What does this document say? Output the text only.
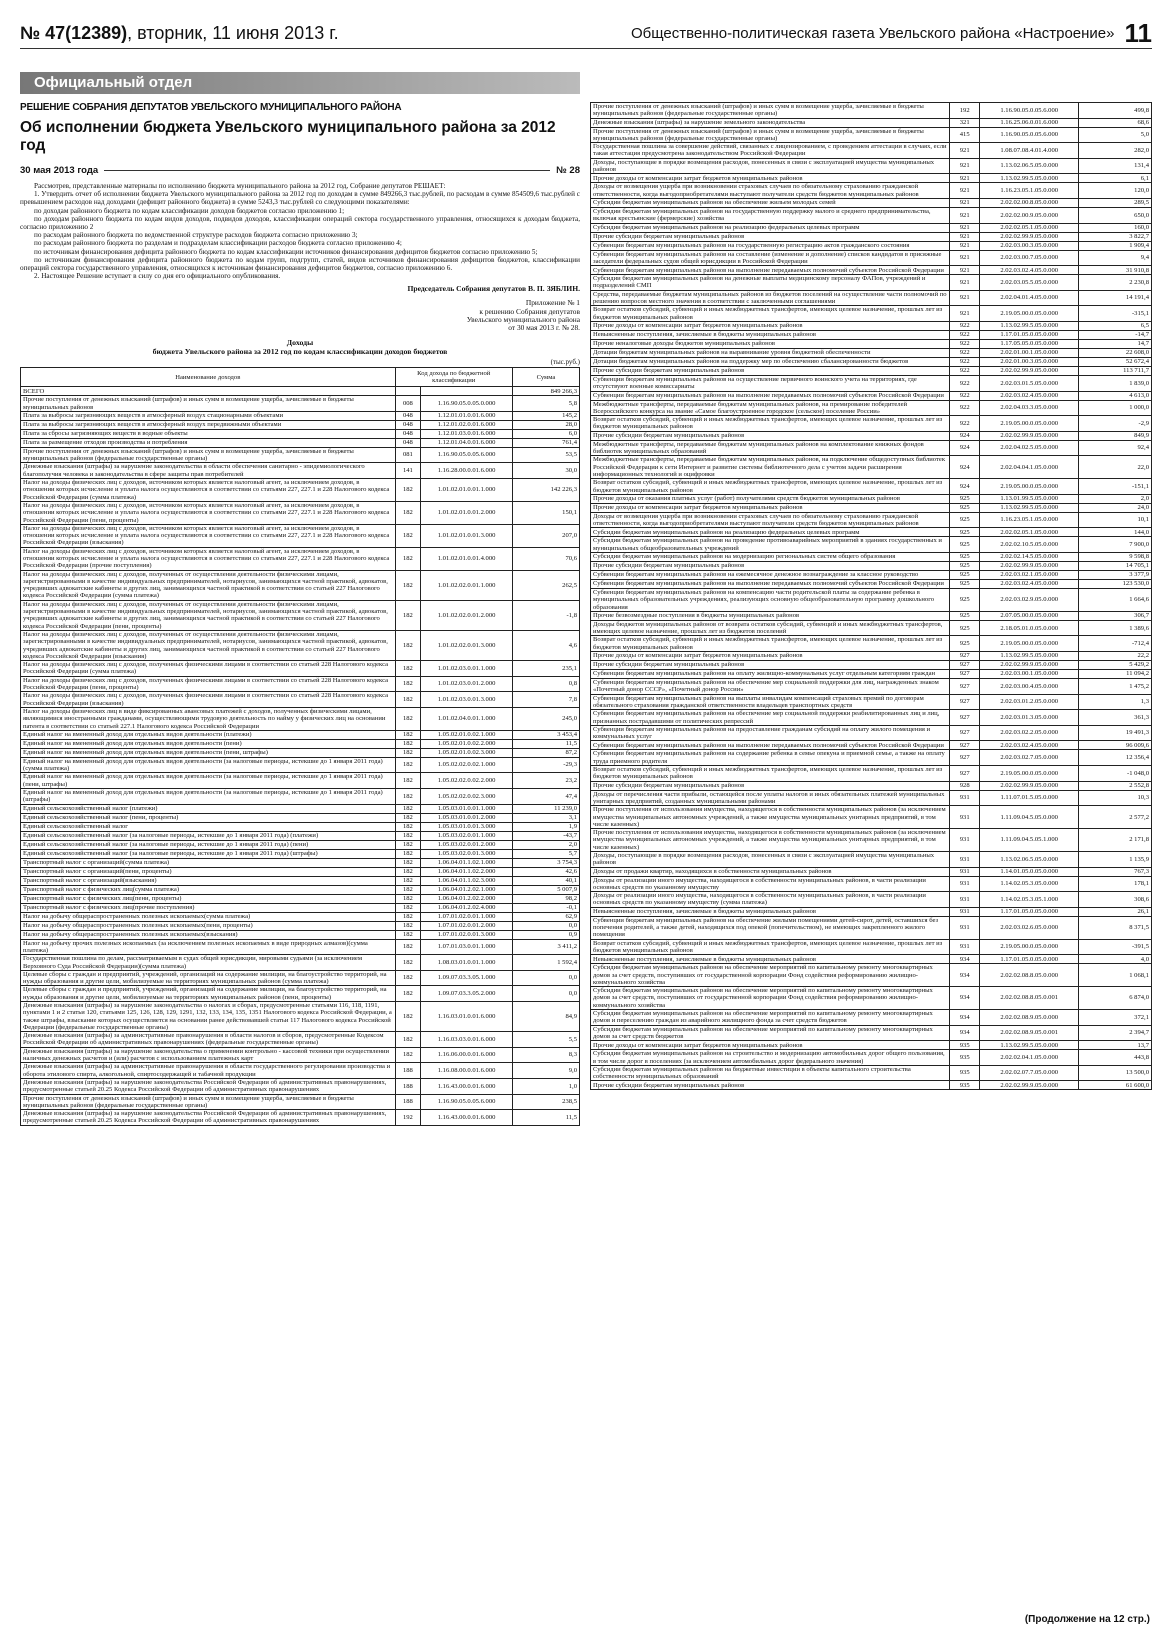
№ 47(12389), вторник, 11 июня 2013 г.	Общественно-политическая газета Увельского района «Настроение» 11
Официальный отдел
РЕШЕНИЕ СОБРАНИЯ ДЕПУТАТОВ УВЕЛЬСКОГО МУНИЦИПАЛЬНОГО РАЙОНА
Об исполнении бюджета Увельского муниципального района за 2012 год
30 мая 2013 года	№ 28

Рассмотрев, представленные материалы по исполнению бюджета муниципального района за 2012 год, Собрание депутатов РЕШАЕТ:

1. Утвердить отчет об исполнении бюджета Увельского муниципального района за 2012 год по доходам в сумме 849266,3 тыс.рублей, по расходам в сумме 854509,6 тыс.рублей с превышением расходов над доходами (дефицит районного бюджета) в сумме 5243,3 тыс.рублей со следующими показателями:

по доходам районного бюджета по кодам классификации доходов бюджетов согласно приложению 1;

по доходам районного бюджета по кодам видов доходов, подвидов доходов, классификации операций сектора государственного управления, относящихся к доходам бюджета, согласно приложению 2

по расходам районного бюджета по ведомственной структуре расходов бюджета согласно приложению 3;

по расходам районного бюджета по разделам и подразделам классификации расходов бюджета согласно приложению 4;

по источникам финансирования дефицита районного бюджета по кодам классификации источников финансирования дефицитов бюджетов согласно приложению 5;

по источникам финансирования дефицита районного бюджета по кодам групп, подгрупп, статей, видов источников финансирования дефицитов бюджетов, классификации операций сектора государственного управления, относящихся к источникам финансирования дефицитов бюджетов, согласно приложению 6.

2. Настоящее Решение вступает в силу со дня его официального опубликования.

Председатель Собрания депутатов В. П. ЗЯБЛИН.
Приложение № 1
к решению Собрания депутатов
Увельского муниципального района
от 30 мая 2013 г. № 28.
Доходы
бюджета Увельского района за 2012 год по кодам классификации доходов бюджетов
(тыс.руб.)
Наименование доходов	Код дохода по бюджетной классификации		Сумма
ВСЕГО			849 266,3
Прочие поступления от денежных взысканий (штрафов) и иных сумм в возмещение ущерба, зачисляемые в бюджеты муниципальных районов	008	1.16.90.05.0.05.0.000	5,8
Плата за выбросы загрязняющих веществ в атмосферный воздух стационарными объектами	048	1.12.01.01.0.01.6.000	145,2
Плата за выбросы загрязняющих веществ в атмосферный воздух передвижными объектами	048	1.12.01.02.0.01.6.000	28,0
Плата за сбросы загрязняющих веществ в водные объекты	048	1.12.01.03.0.01.6.000	6,0
Плата за размещение отходов производства и потребления	048	1.12.01.04.0.01.6.000	761,4
Прочие поступления от денежных взысканий (штрафов) и иных сумм в возмещение ущерба, зачисляемые в бюджеты муниципальных районов (федеральные государственные органы)	081	1.16.90.05.0.05.6.000	53,5
Денежные взыскания (штрафы) за нарушение законодательства в области обеспечения санитарно - эпидемиологического благополучия человека и законодательства в сфере защиты прав потребителей	141	1.16.28.00.0.01.6.000	30,0
Налог на доходы физических лиц с доходов, источником которых является налоговый агент, за исключением доходов, в отношении которых исчисление и уплата налога осуществляются в соответствии со статьями 227, 227.1 и 228 Налогового кодекса Российской Федерации (сумма платежа)	182	1.01.02.01.0.01.1.000	142 226,3
Налог на доходы физических лиц с доходов, источником которых является налоговый агент, за исключением доходов, в отношении которых исчисление и уплата налога осуществляются в соответствии со статьями 227, 227.1 и 228 Налогового кодекса Российской Федерации (пени, проценты)	182	1.01.02.01.0.01.2.000	150,1
Налог на доходы физических лиц с доходов, источником которых является налоговый агент, за исключением доходов, в отношении которых исчисление и уплата налога осуществляются в соответствии со статьями 227, 227.1 и 228 Налогового кодекса Российской Федерации (взыскания)	182	1.01.02.01.0.01.3.000	207,0
Налог на доходы физических лиц с доходов, источником которых является налоговый агент, за исключением доходов, в отношении которых исчисление и уплата налога осуществляются в соответствии со статьями 227, 227.1 и 228 Налогового кодекса Российской Федерации (прочие поступления)	182	1.01.02.01.0.01.4.000	70,6
Налог на доходы физических лиц с доходов, полученных от осуществления деятельности физическими лицами, зарегистрированными в качестве индивидуальных предпринимателей, нотариусов, занимающихся частной практикой, адвокатов, учредивших адвокатские кабинеты и других лиц, занимающихся частной практикой в соответствии со статьей 227 Налогового кодекса Российской Федерации (сумма платежа)	182	1.01.02.02.0.01.1.000	262,5
Налог на доходы физических лиц с доходов, полученных от осуществления деятельности физическими лицами, зарегистрированными в качестве индивидуальных предпринимателей, нотариусов, занимающихся частной практикой, адвокатов, учредивших адвокатские кабинеты и других лиц, занимающихся частной практикой в соответствии со статьей 227 Налогового кодекса Российской Федерации (пени, проценты)	182	1.01.02.02.0.01.2.000	-1,8
Налог на доходы физических лиц с доходов, полученных от осуществления деятельности физическими лицами, зарегистрированными в качестве индивидуальных предпринимателей, нотариусов, занимающихся частной практикой, адвокатов, учредивших адвокатские кабинеты и других лиц, занимающихся частной практикой в соответствии со статьей 227 Налогового кодекса Российской Федерации (взыскания)	182	1.01.02.02.0.01.3.000	4,6
Налог на доходы физических лиц с доходов, полученных физическими лицами в соответствии со статьей 228 Налогового кодекса Российской Федерации (сумма платежа)	182	1.01.02.03.0.01.1.000	235,1
Налог на доходы физических лиц с доходов, полученных физическими лицами в соответствии со статьей 228 Налогового кодекса Российской Федерации (пени, проценты)	182	1.01.02.03.0.01.2.000	0,8
Налог на доходы физических лиц с доходов, полученных физическими лицами в соответствии со статьей 228 Налогового кодекса Российской Федерации (взыскания)	182	1.01.02.03.0.01.3.000	7,8
Налог на доходы физических лиц в виде фиксированных авансовых платежей с доходов, полученных физическими лицами, являющимися иностранными гражданами, осуществляющими трудовую деятельность по найму у физических лиц на основании патента в соответствии со статьей 227.1 Налогового кодекса Российской Федерации	182	1.01.02.04.0.01.1.000	245,0
Единый налог на вмененный доход для отдельных видов деятельности (платежи)	182	1.05.02.01.0.02.1.000	3 453,4
Единый налог на вмененный доход для отдельных видов деятельности (пени)	182	1.05.02.01.0.02.2.000	11,5
Единый налог на вмененный доход для отдельных видов деятельности (пени, штрафы)	182	1.05.02.01.0.02.3.000	87,2
Единый налог на вмененный доход для отдельных видов деятельности (за налоговые периоды, истекшие до 1 января 2011 года) (сумма платежа)	182	1.05.02.02.0.02.1.000	-29,3
Единый налог на вмененный доход для отдельных видов деятельности (за налоговые периоды, истекшие до 1 января 2011 года) (пени, штрафы)	182	1.05.02.02.0.02.2.000	23,2
Единый налог на вмененный доход для отдельных видов деятельности (за налоговые периоды, истекшие до 1 января 2011 года) (штрафы)	182	1.05.02.02.0.02.3.000	47,4
Единый сельскохозяйственный налог (платежи)	182	1.05.03.01.0.01.1.000	11 239,0
Единый сельскохозяйственный налог (пени, проценты)	182	1.05.03.01.0.01.2.000	3,1
Единый сельскохозяйственный налог	182	1.05.03.01.0.01.3.000	1,9
Единый сельскохозяйственный налог (за налоговые периоды, истекшие до 1 января 2011 года) (платежи)	182	1.05.03.02.0.01.1.000	-43,7
Единый сельскохозяйственный налог (за налоговые периоды, истекшие до 1 января 2011 года) (пени)	182	1.05.03.02.0.01.2.000	2,0
Единый сельскохозяйственный налог (за налоговые периоды, истекшие до 1 января 2011 года) (штрафы)	182	1.05.03.02.0.01.3.000	5,7
Транспортный налог с организаций(сумма платежа)	182	1.06.04.01.1.02.1.000	3 754,3
Транспортный налог с организаций(пени, проценты)	182	1.06.04.01.1.02.2.000	42,6
Транспортный налог с организаций(взыскания)	182	1.06.04.01.1.02.3.000	40,1
Транспортный налог с физических лиц(сумма платежа)	182	1.06.04.01.2.02.1.000	5 007,9
Транспортный налог с физических лиц(пени, проценты)	182	1.06.04.01.2.02.2.000	98,2
Транспортный налог с физических лиц(прочие поступления)	182	1.06.04.01.2.02.4.000	-0,1
Налог на добычу общераспространенных полезных ископаемых(сумма платежа)	182	1.07.01.02.0.01.1.000	62,9
Налог на добычу общераспространенных полезных ископаемых(пени, проценты)	182	1.07.01.02.0.01.2.000	0,0
Налог на добычу общераспространенных полезных ископаемых(взыскания)	182	1.07.01.02.0.01.3.000	0,9
Налог на добычу прочих полезных ископаемых (за исключением полезных ископаемых в виде природных алмазов)(сумма платежа)	182	1.07.01.03.0.01.1.000	3 411,2
Государственная пошлина по делам, рассматриваемым в судах общей юрисдикции, мировыми судьями (за исключением Верховного Суда Российской Федерации)(сумма платежа)	182	1.08.03.01.0.01.1.000	1 592,4
Целевые сборы с граждан и предприятий, учреждений, организаций на содержание милиции, на благоустройство территорий, на нужды образования и другие цели, мобилизуемые на территориях муниципальных районов (сумма платежа)	182	1.09.07.03.3.05.1.000	0,0
Целевые сборы с граждан и предприятий, учреждений, организаций на содержание милиции, на благоустройство территорий, на нужды образования и другие цели, мобилизуемые на территориях муниципальных районов (пени, проценты)	182	1.09.07.03.3.05.2.000	0,0
Денежные взыскания (штрафы) за нарушение законодательства о налогах и сборах, предусмотренные статьями 116, 118, 1191, пунктами 1 и 2 статьи 120, статьями 125, 126, 128, 129, 1291, 132, 133, 134, 135, 1351 Налогового кодекса Российской Федерации, а также штрафы, взыскание которых осуществляется на основании ранее действовавшей статьи 117 Налогового кодекса Российской Федерации (федеральные государственные органы)	182	1.16.03.01.0.01.6.000	84,9
Денежные взыскания (штрафы) за административные правонарушения в области налогов и сборов, предусмотренные Кодексом Российской Федерации об административных правонарушениях (федеральные государственные органы)	182	1.16.03.03.0.01.6.000	5,5
Денежные взыскания (штрафы) за нарушение законодательства о применении контрольно - кассовой техники при осуществлении наличных денежных расчетов и (или) расчетов с использованием платежных карт	182	1.16.06.00.0.01.6.000	8,3
Денежные взыскания (штрафы) за административные правонарушения в области государственного регулирования производства и оборота этилового спирта, алкогольной, спиртосодержащей и табачной продукции	188	1.16.08.00.0.01.6.000	9,0
Денежные взыскания (штрафы) за нарушение законодательства Российской Федерации об административных правонарушениях, предусмотренные статьей 20.25 Кодекса Российской Федерации об административных правонарушениях	188	1.16.43.00.0.01.6.000	1,0
Прочие поступления от денежных взысканий (штрафов) и иных сумм в возмещение ущерба, зачисляемые в бюджеты муниципальных районов (федеральные государственные органы)	188	1.16.90.05.0.05.6.000	238,5
Денежные взыскания (штрафы) за нарушение законодательства Российской Федерации об административных правонарушениях, предусмотренные статьей 20.25 Кодекса Российской Федерации об административных правонарушениях	192	1.16.43.00.0.01.6.000	11,5
Прочие поступления от денежных взысканий (штрафов) и иных сумм в возмещение ущерба, зачисляемые в бюджеты муниципальных районов (федеральные государственные органы)	192	1.16.90.05.0.05.6.000	499,8
Денежные взыскания (штрафы) за нарушение земельного законодательства	321	1.16.25.06.0.01.6.000	68,6
Прочие поступления от денежных взысканий (штрафов) и иных сумм в возмещение ущерба, зачисляемые в бюджеты муниципальных районов (федеральные государственные органы)	415	1.16.90.05.0.05.6.000	5,0
Государственная пошлина за совершение действий, связанных с лицензированием, с проведением аттестации в случаях, если такая аттестация предусмотрена законодательством Российской Федерации	921	1.08.07.08.4.01.4.000	282,0
Доходы, поступающие в порядке возмещения расходов, понесенных в связи с эксплуатацией имущества муниципальных районов	921	1.13.02.06.5.05.0.000	131,4
Прочие доходы от компенсации затрат бюджетов муниципальных районов	921	1.13.02.99.5.05.0.000	6,1
Доходы от возмещения ущерба при возникновении страховых случаев по обязательному страхованию гражданской ответственности, когда выгодоприобретателями выступают получатели средств бюджетов муниципальных районов	921	1.16.23.05.1.05.0.000	120,0
Субсидии бюджетам муниципальных районов на обеспечение жильем молодых семей	921	2.02.02.00.8.05.0.000	289,5
Субсидии бюджетам муниципальных районов на государственную поддержку малого и среднего предпринимательства, включая крестьянские (фермерские) хозяйства	921	2.02.02.00.9.05.0.000	650,0
Субсидии бюджетам муниципальных районов на реализацию федеральных целевых программ	921	2.02.02.05.1.05.0.000	160,0
Прочие субсидии бюджетам муниципальных районов	921	2.02.02.99.9.05.0.000	3 822,7
Субвенции бюджетам муниципальных районов на государственную регистрацию актов гражданского состояния	921	2.02.03.00.3.05.0.000	1 909,4
Субвенции бюджетам муниципальных районов на составление (изменение и дополнение) списков кандидатов в присяжные заседатели федеральных судов общей юрисдикции в Российской Федерации	921	2.02.03.00.7.05.0.000	9,4
Субвенции бюджетам муниципальных районов на выполнение передаваемых полномочий субъектов Российской Федерации	921	2.02.03.02.4.05.0.000	31 910,8
Субсидии бюджетам муниципальных районов на денежные выплаты медицинскому персоналу ФАПов, учреждений и подразделений СМП	921	2.02.03.05.5.05.0.000	2 230,8
Средства, передаваемые бюджетам муниципальных районов из бюджетов поселений на осуществление части полномочий по решению вопросов местного значения в соответствии с заключенными соглашениями	921	2.02.04.01.4.05.0.000	14 191,4
Возврат остатков субсидий, субвенций и иных межбюджетных трансфертов, имеющих целевое назначение, прошлых лет из бюджетов муниципальных районов	921	2.19.05.00.0.05.0.000	-315,1
Прочие доходы от компенсации затрат бюджетов муниципальных районов	922	1.13.02.99.5.05.0.000	6,5
Невыясненные поступления, зачисляемые в бюджеты муниципальных районов	922	1.17.01.05.0.05.0.000	-14,7
Прочие неналоговые доходы бюджетов муниципальных районов	922	1.17.05.05.0.05.0.000	14,7
Дотации бюджетам муниципальных районов на выравнивание уровня бюджетной обеспеченности	922	2.02.01.00.1.05.0.000	22 608,0
Дотации бюджетам муниципальных районов на поддержку мер по обеспечению сбалансированности бюджетов	922	2.02.01.00.3.05.0.000	52 672,4
Прочие субсидии бюджетам муниципальных районов	922	2.02.02.99.9.05.0.000	113 711,7
Субвенции бюджетам муниципальных районов на осуществление первичного воинского учета на территориях, где отсутствуют военные комиссариаты	922	2.02.03.01.5.05.0.000	1 839,0
Субвенции бюджетам муниципальных районов на выполнение передаваемых полномочий субъектов Российской Федерации	922	2.02.03.02.4.05.0.000	4 613,0
Межбюджетные трансферты, передаваемые бюджетам муниципальных районов, на премирование победителей Всероссийского конкурса на звание «Самое благоустроенное городское (сельское) поселение России»	922	2.02.04.03.3.05.0.000	1 000,0
Возврат остатков субсидий, субвенций и иных межбюджетных трансфертов, имеющих целевое назначение, прошлых лет из бюджетов муниципальных районов	922	2.19.05.00.0.05.0.000	-2,9
Прочие субсидии бюджетам муниципальных районов	924	2.02.02.99.9.05.0.000	849,9
Межбюджетные трансферты, передаваемые бюджетам муниципальных районов на комплектование книжных фондов библиотек муниципальных образований	924	2.02.04.02.5.05.0.000	92,4
Межбюджетные трансферты, передаваемые бюджетам муниципальных районов, на подключение общедоступных библиотек Российской Федерации к сети Интернет и развитие системы библиотечного дела с учетом задачи расширения информационных технологий и оцифровки	924	2.02.04.04.1.05.0.000	22,0
Возврат остатков субсидий, субвенций и иных межбюджетных трансфертов, имеющих целевое назначение, прошлых лет из бюджетов муниципальных районов	924	2.19.05.00.0.05.0.000	-151,1
Прочие доходы от оказания платных услуг (работ) получателями средств бюджетов муниципальных районов	925	1.13.01.99.5.05.0.000	2,0
Прочие доходы от компенсации затрат бюджетов муниципальных районов	925	1.13.02.99.5.05.0.000	24,0
Доходы от возмещения ущерба при возникновении страховых случаев по обязательному страхованию гражданской ответственности, когда выгодоприобретателями выступают получатели средств бюджетов муниципальных районов	925	1.16.23.05.1.05.0.000	10,1
Субсидии бюджетам муниципальных районов на реализацию федеральных целевых программ	925	2.02.02.05.1.05.0.000	144,0
Субсидии бюджетам муниципальных районов на проведение противоаварийных мероприятий в зданиях государственных и муниципальных общеобразовательных учреждений	925	2.02.02.10.5.05.0.000	7 900,0
Субсидии бюджетам муниципальных районов на модернизацию региональных систем общего образования	925	2.02.02.14.5.05.0.000	9 598,8
Прочие субсидии бюджетам муниципальных районов	925	2.02.02.99.9.05.0.000	14 705,1
Субвенции бюджетам муниципальных районов на ежемесячное денежное вознаграждение за классное руководство	925	2.02.03.02.1.05.0.000	3 377,9
Субвенции бюджетам муниципальных районов на выполнение передаваемых полномочий субъектов Российской Федерации	925	2.02.03.02.4.05.0.000	123 530,0
Субвенции бюджетам муниципальных районов на компенсацию части родительской платы за содержание ребенка в муниципальных образовательных учреждениях, реализующих основную общеобразовательную программу дошкольного образования	925	2.02.03.02.9.05.0.000	1 664,6
Прочие безвозмездные поступления в бюджеты муниципальных районов	925	2.07.05.00.0.05.0.000	306,7
Доходы бюджетов муниципальных районов от возврата остатков субсидий, субвенций и иных межбюджетных трансфертов, имеющих целевое назначение, прошлых лет из бюджетов поселений	925	2.18.05.01.0.05.0.000	1 389,6
Возврат остатков субсидий, субвенций и иных межбюджетных трансфертов, имеющих целевое назначение, прошлых лет из бюджетов муниципальных районов	925	2.19.05.00.0.05.0.000	-712,4
Прочие доходы от компенсации затрат бюджетов муниципальных районов	927	1.13.02.99.5.05.0.000	22,2
Прочие субсидии бюджетам муниципальных районов	927	2.02.02.99.9.05.0.000	5 429,2
Субвенции бюджетам муниципальных районов на оплату жилищно-коммунальных услуг отдельным категориям граждан	927	2.02.03.00.1.05.0.000	11 094,2
Субвенции бюджетам муниципальных районов на обеспечение мер социальной поддержки для лиц, награжденных знаком «Почетный донор СССР», «Почетный донор России»	927	2.02.03.00.4.05.0.000	1 475,2
Субвенции бюджетам муниципальных районов на выплаты инвалидам компенсаций страховых премий по договорам обязательного страхования гражданской ответственности владельцев транспортных средств	927	2.02.03.01.2.05.0.000	1,3
Субвенции бюджетам муниципальных районов на обеспечение мер социальной поддержки реабилитированных лиц и лиц, признанных пострадавшими от политических репрессий	927	2.02.03.01.3.05.0.000	361,3
Субвенции бюджетам муниципальных районов на предоставление гражданам субсидий на оплату жилого помещения и коммунальных услуг	927	2.02.03.02.2.05.0.000	19 491,3
Субвенции бюджетам муниципальных районов на выполнение передаваемых полномочий субъектов Российской Федерации	927	2.02.03.02.4.05.0.000	96 009,6
Субвенции бюджетам муниципальных районов на содержание ребенка в семье опекуна и приемной семье, а также на оплату труда приемного родителя	927	2.02.03.02.7.05.0.000	12 356,4
Возврат остатков субсидий, субвенций и иных межбюджетных трансфертов, имеющих целевое назначение, прошлых лет из бюджетов муниципальных районов	927	2.19.05.00.0.05.0.000	-1 048,0
Прочие субсидии бюджетам муниципальных районов	928	2.02.02.99.9.05.0.000	2 552,8
Доходы от перечисления части прибыли, остающейся после уплаты налогов и иных обязательных платежей муниципальных унитарных предприятий, созданных муниципальными районами	931	1.11.07.01.5.05.0.000	10,3
Прочие поступления от использования имущества, находящегося в собственности муниципальных районов (за исключением имущества муниципальных автономных учреждений, а также имущества муниципальных унитарных предприятий, в том числе казенных)	931	1.11.09.04.5.05.0.000	2 577,2
Прочие поступления от использования имущества, находящегося в собственности муниципальных районов (за исключением имущества муниципальных автономных учреждений, а также имущества муниципальных унитарных предприятий, в том числе казенных)	931	1.11.09.04.5.05.1.000	2 171,8
Доходы, поступающие в порядке возмещения расходов, понесенных в связи с эксплуатацией имущества муниципальных районов	931	1.13.02.06.5.05.0.000	1 135,9
Доходы от продажи квартир, находящихся в собственности муниципальных районов	931	1.14.01.05.0.05.0.000	767,3
Доходы от реализации иного имущества, находящегося в собственности муниципальных районов, в части реализации основных средств по указанному имуществу	931	1.14.02.05.3.05.0.000	178,1
Доходы от реализации иного имущества, находящегося в собственности муниципальных районов, в части реализации основных средств по указанному имуществу (сумма платежа)	931	1.14.02.05.3.05.1.000	308,6
Невыясненные поступления, зачисляемые в бюджеты муниципальных районов	931	1.17.01.05.0.05.0.000	26,1
Субвенции бюджетам муниципальных районов на обеспечение жилыми помещениями детей-сирот, детей, оставшихся без попечения родителей, а также детей, находящихся под опекой (попечительством), не имеющих закрепленного жилого помещения	931	2.02.03.02.6.05.0.000	8 371,5
Возврат остатков субсидий, субвенций и иных межбюджетных трансфертов, имеющих целевое назначение, прошлых лет из бюджетов муниципальных районов	931	2.19.05.00.0.05.0.000	-391,5
Невыясненные поступления, зачисляемые в бюджеты муниципальных районов	934	1.17.01.05.0.05.0.000	4,0
Субсидии бюджетам муниципальных районов на обеспечение мероприятий по капитальному ремонту многоквартирных домов за счет средств, поступивших от государственной корпорации Фонд содействия реформированию жилищно-коммунального хозяйства	934	2.02.02.08.8.05.0.000	1 068,1
Субсидии бюджетам муниципальных районов на обеспечение мероприятий по капитальному ремонту многоквартирных домов за счет средств, поступивших от государственной корпорации Фонд содействия реформированию жилищно-коммунального хозяйства	934	2.02.02.08.8.05.0.001	6 874,0
Субсидии бюджетам муниципальных районов на обеспечение мероприятий по капитальному ремонту многоквартирных домов и переселению граждан из аварийного жилищного фонда за счет средств бюджетов	934	2.02.02.08.9.05.0.000	372,1
Субсидии бюджетам муниципальных районов на обеспечение мероприятий по капитальному ремонту многоквартирных домов за счет средств бюджетов	934	2.02.02.08.9.05.0.001	2 394,7
Прочие доходы от компенсации затрат бюджетов муниципальных районов	935	1.13.02.99.5.05.0.000	13,7
Субсидии бюджетам муниципальных районов на строительство и модернизацию автомобильных дорог общего пользования, в том числе дорог в поселениях (за исключением автомобильных дорог федерального значения)	935	2.02.02.04.1.05.0.000	443,8
Субсидии бюджетам муниципальных районов на бюджетные инвестиции в объекты капитального строительства собственности муниципальных образований	935	2.02.02.07.7.05.0.000	13 500,0
Прочие субсидии бюджетам муниципальных районов	935	2.02.02.99.9.05.0.000	61 600,0
(Продолжение на 12 стр.)
